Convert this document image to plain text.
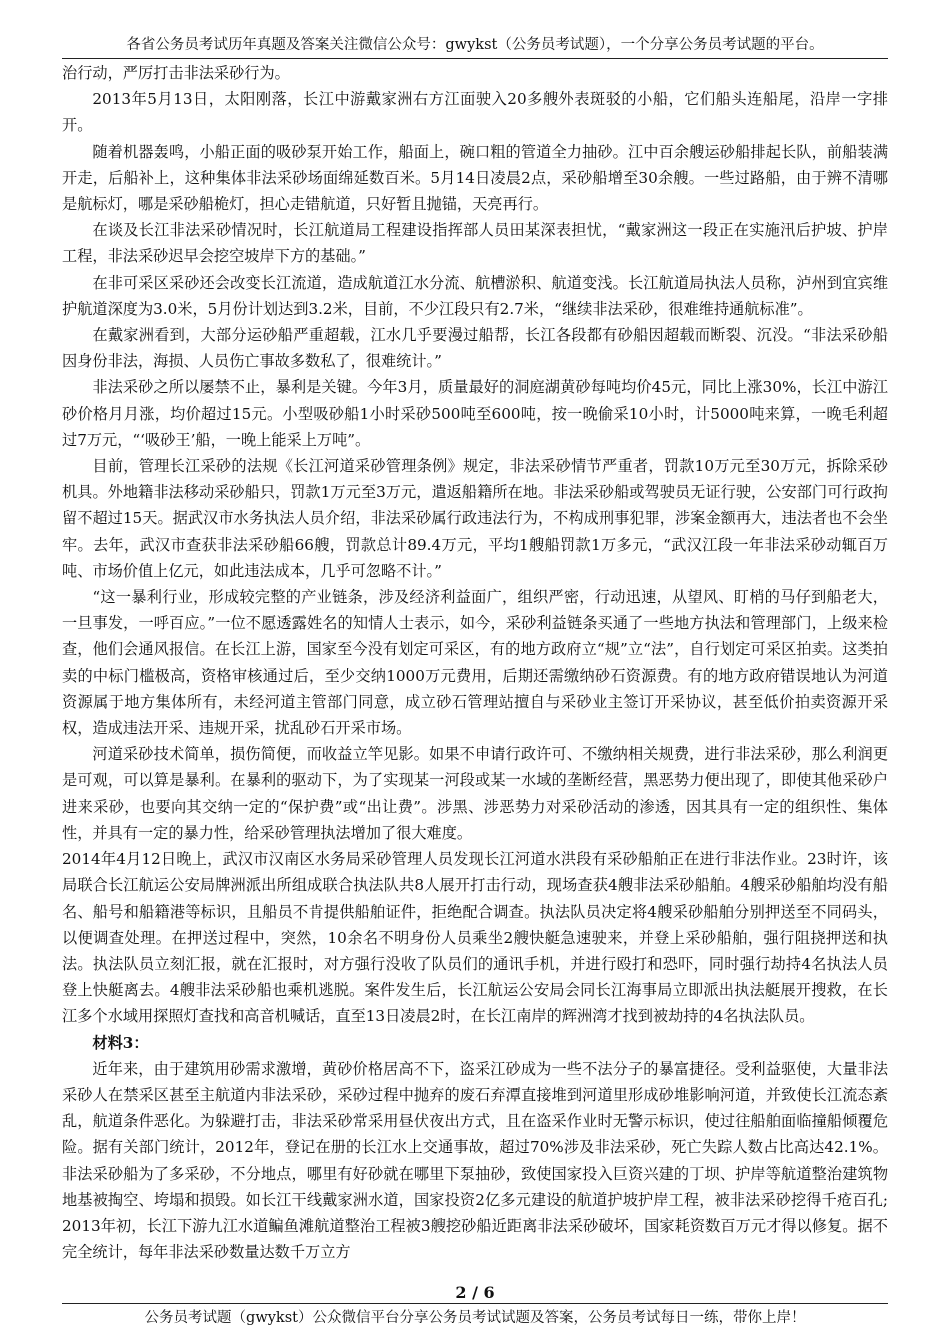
各省公务员考试历年真题及答案关注微信公众号：gwykst（公务员考试题），一个分享公务员考试题的平台。

治行动，严厉打击非法采砂行为。

2013年5月13日，太阳刚落，长江中游戴家洲右方江面驶入20多艘外表斑驳的小船，它们船头连船尾，沿岸一字排开。

随着机器轰鸣，小船正面的吸砂泵开始工作，船面上，碗口粗的管道全力抽砂。江中百余艘运砂船排起长队，前船装满开走，后船补上，这种集体非法采砂场面绵延数百米。5月14日凌晨2点，采砂船增至30余艘。一些过路船，由于辨不清哪是航标灯，哪是采砂船桅灯，担心走错航道，只好暂且抛锚，天亮再行。

在谈及长江非法采砂情况时，长江航道局工程建设指挥部人员田某深表担忧，“戴家洲这一段正在实施汛后护坡、护岸工程，非法采砂迟早会挖空坡岸下方的基础。”

在非可采区采砂还会改变长江流道，造成航道江水分流、航槽淤积、航道变浅。长江航道局执法人员称，泸州到宜宾维护航道深度为3.0米，5月份计划达到3.2米，目前，不少江段只有2.7米，“继续非法采砂，很难维持通航标准”。

在戴家洲看到，大部分运砂船严重超载，江水几乎要漫过船帮，长江各段都有砂船因超载而断裂、沉没。“非法采砂船因身份非法，海损、人员伤亡事故多数私了，很难统计。”

非法采砂之所以屡禁不止，暴利是关键。今年3月，质量最好的洞庭湖黄砂每吨均价45元，同比上涨30%，长江中游江砂价格月月涨，均价超过15元。小型吸砂船1小时采砂500吨至600吨，按一晚偷采10小时，计5000吨来算，一晚毛利超过7万元，“‘吸砂王’船，一晚上能采上万吨”。

目前，管理长江采砂的法规《长江河道采砂管理条例》规定，非法采砂情节严重者，罚款10万元至30万元，拆除采砂机具。外地籍非法移动采砂船只，罚款1万元至3万元，遣返船籍所在地。非法采砂船或驾驶员无证行驶，公安部门可行政拘留不超过15天。据武汉市水务执法人员介绍，非法采砂属行政违法行为，不构成刑事犯罪，涉案金额再大，违法者也不会坐牢。去年，武汉市查获非法采砂船66艘，罚款总计89.4万元，平均1艘船罚款1万多元，“武汉江段一年非法采砂动辄百万吨、市场价值上亿元，如此违法成本，几乎可忽略不计。”

“这一暴利行业，形成较完整的产业链条，涉及经济利益面广，组织严密，行动迅速，从望风、盯梢的马仔到船老大，一旦事发，一呼百应。”一位不愿透露姓名的知情人士表示，如今，采砂利益链条买通了一些地方执法和管理部门，上级来检查，他们会通风报信。在长江上游，国家至今没有划定可采区，有的地方政府立“规”立“法”，自行划定可采区拍卖。这类拍卖的中标门槛极高，资格审核通过后，至少交纳1000万元费用，后期还需缴纳砂石资源费。有的地方政府错误地认为河道资源属于地方集体所有，未经河道主管部门同意，成立砂石管理站擅自与采砂业主签订开采协议，甚至低价拍卖资源开采权，造成违法开采、违规开采，扰乱砂石开采市场。

河道采砂技术简单，损伤简便，而收益立竿见影。如果不申请行政许可、不缴纳相关规费，进行非法采砂，那么利润更是可观，可以算是暴利。在暴利的驱动下，为了实现某一河段或某一水域的垄断经营，黑恶势力便出现了，即使其他采砂户进来采砂，也要向其交纳一定的“保护费”或“出让费”。涉黑、涉恶势力对采砂活动的渗透，因其具有一定的组织性、集体性，并具有一定的暴力性，给采砂管理执法增加了很大难度。

2014年4月12日晚上，武汉市汉南区水务局采砂管理人员发现长江河道水洪段有采砂船舶正在进行非法作业。23时许，该局联合长江航运公安局牌洲派出所组成联合执法队共8人展开打击行动，现场查获4艘非法采砂船舶。4艘采砂船舶均没有船名、船号和船籍港等标识，且船员不肯提供船舶证件，拒绝配合调查。执法队员决定将4艘采砂船舶分别押送至不同码头，以便调查处理。在押送过程中，突然，10余名不明身份人员乘坐2艘快艇急速驶来，并登上采砂船舶，强行阻挠押送和执法。执法队员立刻汇报，就在汇报时，对方强行没收了队员们的通讯手机，并进行殴打和恐吓，同时强行劫持4名执法人员登上快艇离去。4艘非法采砂船也乘机逃脱。案件发生后，长江航运公安局会同长江海事局立即派出执法艇展开搜救，在长江多个水域用探照灯查找和高音机喊话，直至13日凌晨2时，在长江南岸的辉洲湾才找到被劫持的4名执法队员。

材料3：

近年来，由于建筑用砂需求激增，黄砂价格居高不下，盗采江砂成为一些不法分子的暴富捷径。受利益驱使，大量非法采砂人在禁采区甚至主航道内非法采砂，采砂过程中抛弃的废石弃潭直接堆到河道里形成砂堆影响河道，并致使长江流态紊乱，航道条件恶化。为躲避打击，非法采砂常采用昼伏夜出方式，且在盗采作业时无警示标识，使过往船舶面临撞船倾覆危险。据有关部门统计，2012年，登记在册的长江水上交通事故，超过70%涉及非法采砂，死亡失踪人数占比高达42.1%。非法采砂船为了多采砂，不分地点，哪里有好砂就在哪里下泵抽砂，致使国家投入巨资兴建的丁坝、护岸等航道整治建筑物地基被掏空、垮塌和损毁。如长江干线戴家洲水道，国家投资2亿多元建设的航道护坡护岸工程，被非法采砂挖得千疮百孔;2013年初，长江下游九江水道鳊鱼滩航道整治工程被3艘挖砂船近距离非法采砂破坏，国家耗资数百万元才得以修复。据不完全统计，每年非法采砂数量达数千万立方

2 / 6
公务员考试题（gwykst）公众微信平台分享公务员考试试题及答案，公务员考试每日一练，带你上岸！
